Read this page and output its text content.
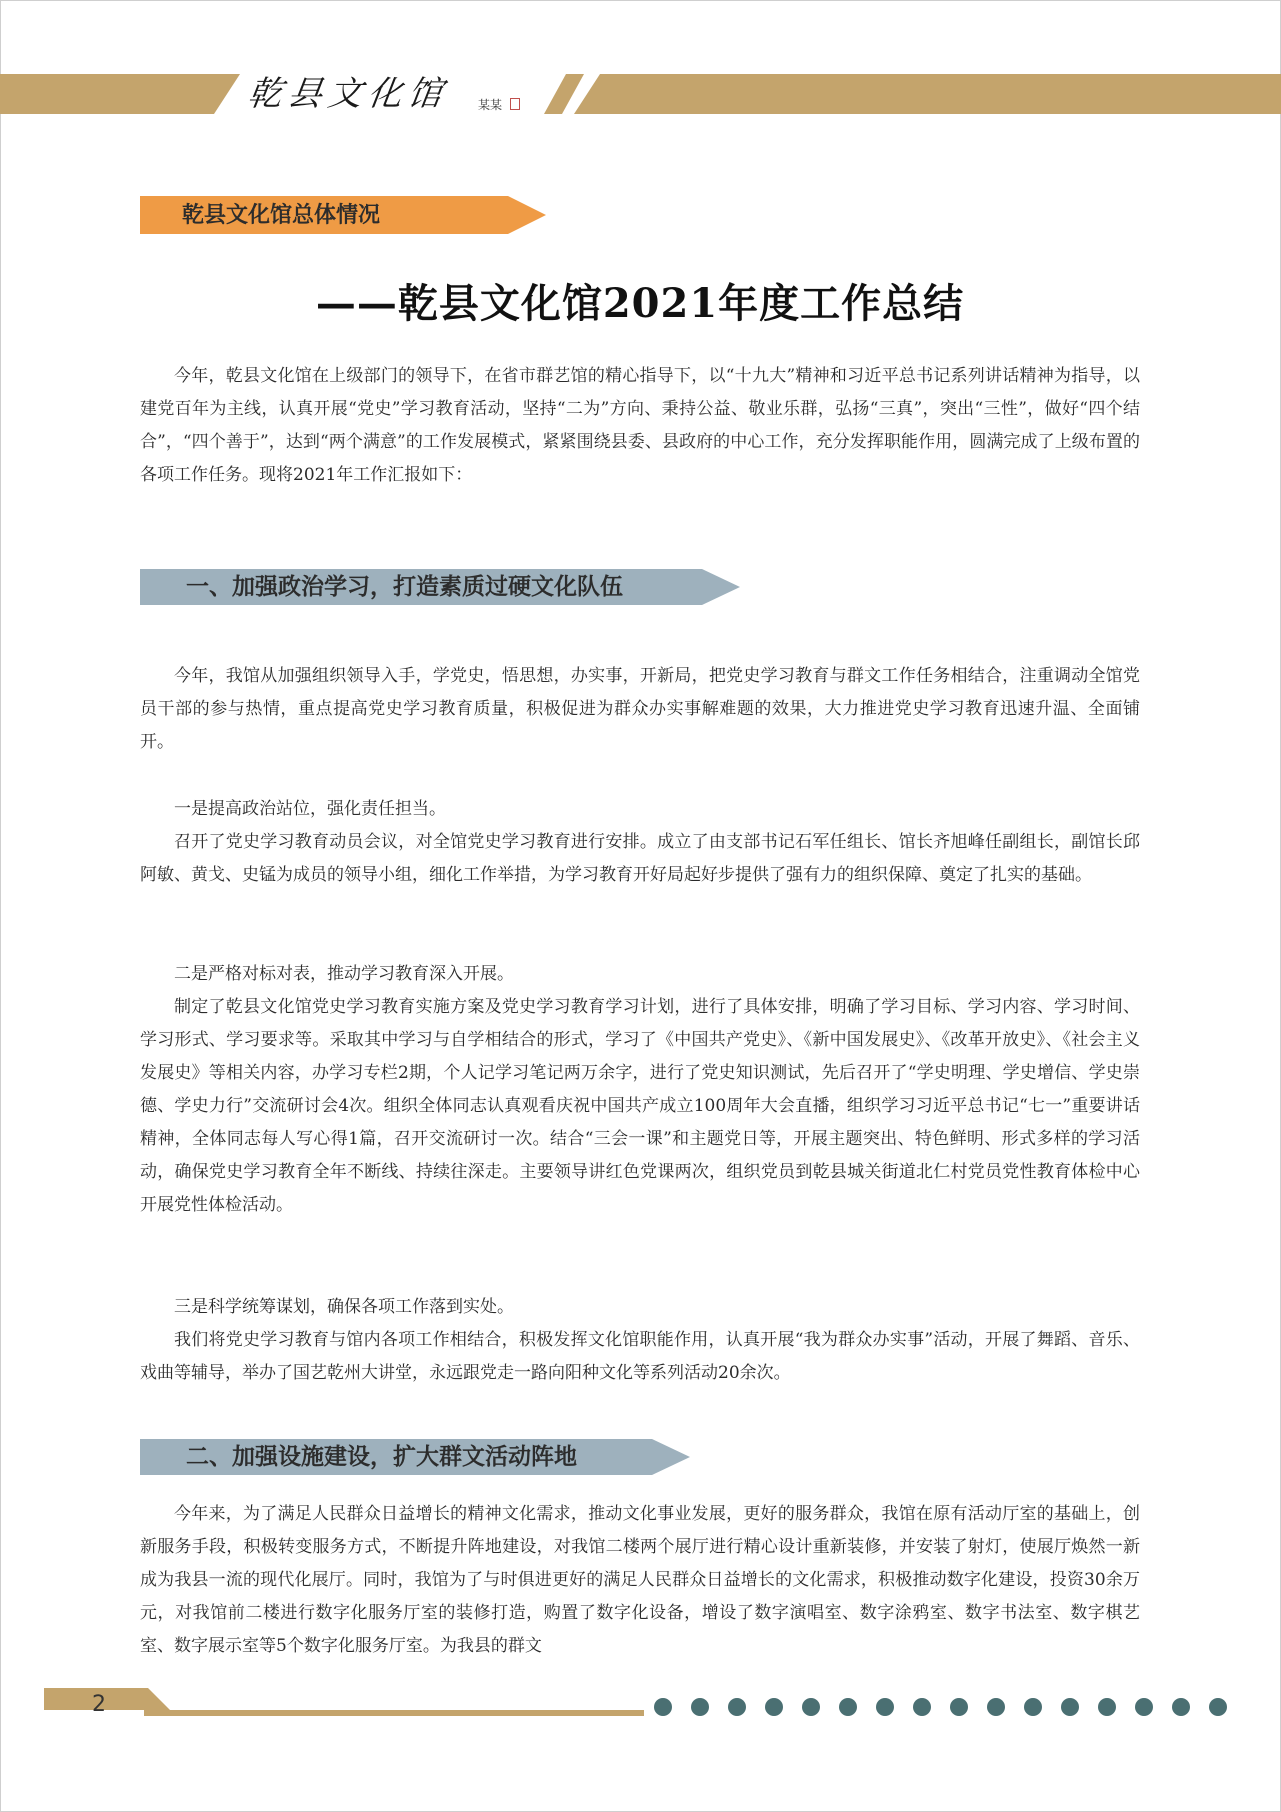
乾县文化馆 某某
乾县文化馆总体情况
——乾县文化馆2021年度工作总结

今年，乾县文化馆在上级部门的领导下，在省市群艺馆的精心指导下，以“十九大”精神和习近平总书记系列讲话精神为指导，以建党百年为主线，认真开展“党史”学习教育活动，坚持“二为”方向、秉持公益、敬业乐群，弘扬“三真”，突出“三性”，做好“四个结合”，“四个善于”，达到“两个满意”的工作发展模式，紧紧围绕县委、县政府的中心工作，充分发挥职能作用，圆满完成了上级布置的各项工作任务。现将2021年工作汇报如下：

一、加强政治学习，打造素质过硬文化队伍

今年，我馆从加强组织领导入手，学党史，悟思想，办实事，开新局，把党史学习教育与群文工作任务相结合，注重调动全馆党员干部的参与热情，重点提高党史学习教育质量，积极促进为群众办实事解难题的效果，大力推进党史学习教育迅速升温、全面铺开。

一是提高政治站位，强化责任担当。

召开了党史学习教育动员会议，对全馆党史学习教育进行安排。成立了由支部书记石军任组长、馆长齐旭峰任副组长，副馆长邱阿敏、黄戈、史锰为成员的领导小组，细化工作举措，为学习教育开好局起好步提供了强有力的组织保障、奠定了扎实的基础。

二是严格对标对表，推动学习教育深入开展。

制定了乾县文化馆党史学习教育实施方案及党史学习教育学习计划，进行了具体安排，明确了学习目标、学习内容、学习时间、学习形式、学习要求等。采取其中学习与自学相结合的形式，学习了《中国共产党史》、《新中国发展史》、《改革开放史》、《社会主义发展史》等相关内容，办学习专栏2期，个人记学习笔记两万余字，进行了党史知识测试，先后召开了“学史明理、学史增信、学史崇德、学史力行”交流研讨会4次。组织全体同志认真观看庆祝中国共产成立100周年大会直播，组织学习习近平总书记“七一”重要讲话精神，全体同志每人写心得1篇，召开交流研讨一次。结合“三会一课”和主题党日等，开展主题突出、特色鲜明、形式多样的学习活动，确保党史学习教育全年不断线、持续往深走。主要领导讲红色党课两次，组织党员到乾县城关街道北仁村党员党性教育体检中心开展党性体检活动。

三是科学统筹谋划，确保各项工作落到实处。

我们将党史学习教育与馆内各项工作相结合，积极发挥文化馆职能作用，认真开展“我为群众办实事”活动，开展了舞蹈、音乐、戏曲等辅导，举办了国艺乾州大讲堂，永远跟党走一路向阳种文化等系列活动20余次。

二、加强设施建设，扩大群文活动阵地

今年来，为了满足人民群众日益增长的精神文化需求，推动文化事业发展，更好的服务群众，我馆在原有活动厅室的基础上，创新服务手段，积极转变服务方式，不断提升阵地建设，对我馆二楼两个展厅进行精心设计重新装修，并安装了射灯，使展厅焕然一新成为我县一流的现代化展厅。同时，我馆为了与时俱进更好的满足人民群众日益增长的文化需求，积极推动数字化建设，投资30余万元，对我馆前二楼进行数字化服务厅室的装修打造，购置了数字化设备，增设了数字演唱室、数字涂鸦室、数字书法室、数字棋艺室、数字展示室等5个数字化服务厅室。为我县的群文

2
